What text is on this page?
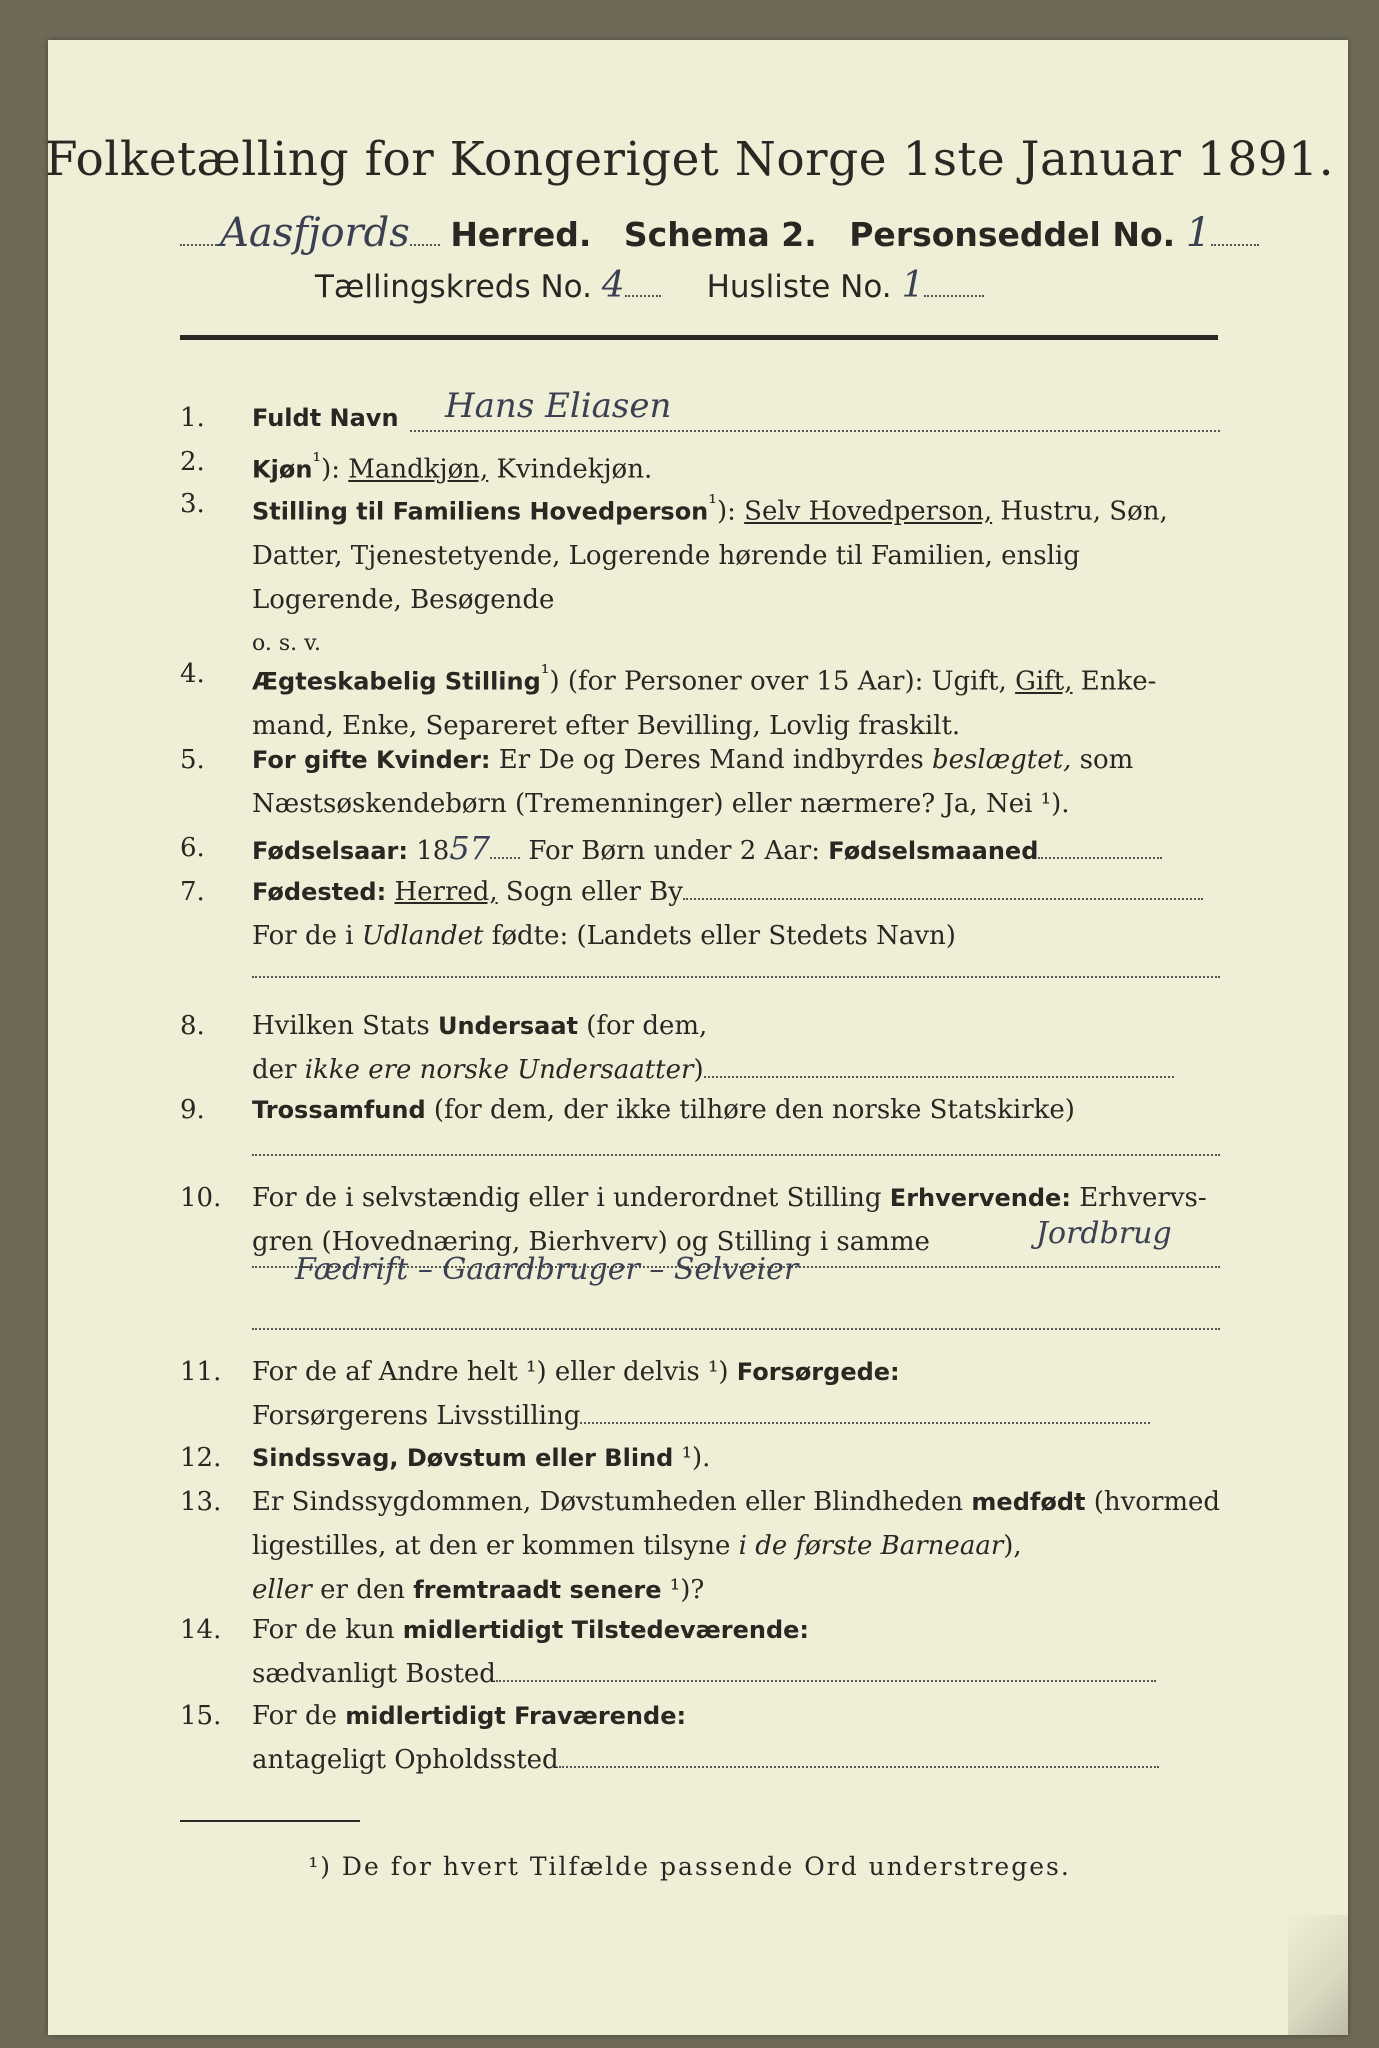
Folketælling for Kongeriget Norge 1ste Januar 1891.
Aasfjords Herred. Schema 2. Personseddel No. 1
Tællingskreds No. 4	Husliste No. 1
1.	Fuldt Navn	Hans Eliasen
2.	Kjøn$^{^1}$): Mandkjøn, Kvindekjøn.
3.	Stilling til Familiens Hovedperson$^{^1}$): Selv Hovedperson, Hustru, Søn,
Datter, Tjenestetyende, Logerende hørende til Familien, enslig
Logerende, Besøgende
o. s. v.
4.	Ægteskabelig Stilling$^{^1}$) (for Personer over 15 Aar): Ugift, Gift, Enke-
mand, Enke, Separeret efter Bevilling, Lovlig fraskilt.
5.	For gifte Kvinder: Er De og Deres Mand indbyrdes beslægtet, som
Næstsøskendebørn (Tremenninger) eller nærmere? Ja, Nei ¹).
6.	Fødselsaar: 1857 For Børn under 2 Aar: Fødselsmaaned
7.	Fødested: Herred, Sogn eller By
For de i Udlandet fødte: (Landets eller Stedets Navn)
8.	Hvilken Stats Undersaat (for dem,
der ikke ere norske Undersaatter)
9.	Trossamfund (for dem, der ikke tilhøre den norske Statskirke)
10.	For de i selvstændig eller i underordnet Stilling Erhvervende: Erhvervs-
gren (Hovednæring, Bierhverv) og Stilling i samme	Jordbrug
Fædrift – Gaardbruger – Selveier
11.	For de af Andre helt ¹) eller delvis ¹) Forsørgede:
Forsørgerens Livsstilling
12.	Sindssvag, Døvstum eller Blind ¹).
13.	Er Sindssygdommen, Døvstumheden eller Blindheden medfødt (hvormed
ligestilles, at den er kommen tilsyne i de første Barneaar),
eller er den fremtraadt senere ¹)?
14.	For de kun midlertidigt Tilstedeværende:
sædvanligt Bosted
15.	For de midlertidigt Fraværende:
antageligt Opholdssted
¹) De for hvert Tilfælde passende Ord understreges.
